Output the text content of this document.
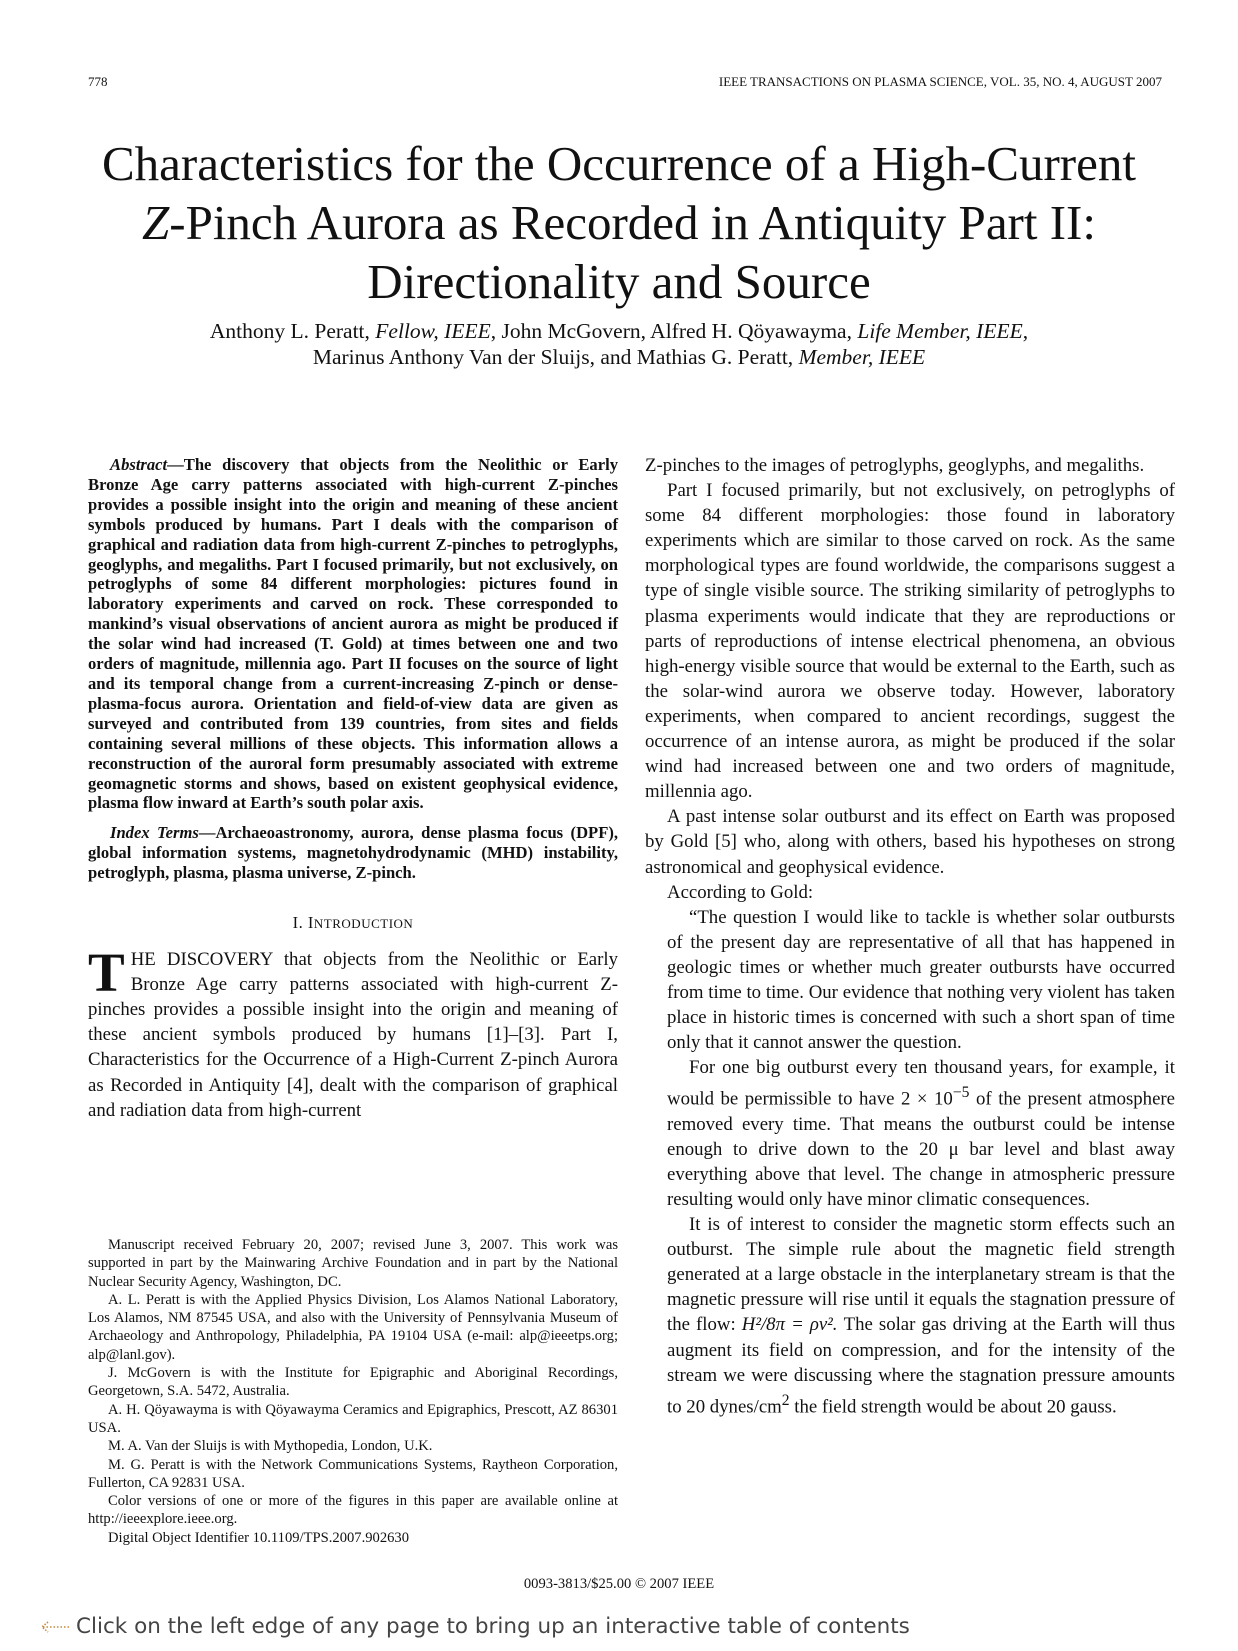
778	IEEE TRANSACTIONS ON PLASMA SCIENCE, VOL. 35, NO. 4, AUGUST 2007
Characteristics for the Occurrence of a High-Current
Z-Pinch Aurora as Recorded in Antiquity Part II:
Directionality and Source
Anthony L. Peratt, Fellow, IEEE, John McGovern, Alfred H. Qöyawayma, Life Member, IEEE,
Marinus Anthony Van der Sluijs, and Mathias G. Peratt, Member, IEEE

Abstract—The discovery that objects from the Neolithic or Early Bronze Age carry patterns associated with high-current Z-pinches provides a possible insight into the origin and meaning of these ancient symbols produced by humans. Part I deals with the comparison of graphical and radiation data from high-current Z-pinches to petroglyphs, geoglyphs, and megaliths. Part I focused primarily, but not exclusively, on petroglyphs of some 84 different morphologies: pictures found in laboratory experiments and carved on rock. These corresponded to mankind’s visual observations of ancient aurora as might be produced if the solar wind had increased (T. Gold) at times between one and two orders of magnitude, millennia ago. Part II focuses on the source of light and its temporal change from a current-increasing Z-pinch or dense-plasma-focus aurora. Orientation and field-of-view data are given as surveyed and contributed from 139 countries, from sites and fields containing several millions of these objects. This information allows a reconstruction of the auroral form presumably associated with extreme geomagnetic storms and shows, based on existent geophysical evidence, plasma flow inward at Earth’s south polar axis.

Index Terms—Archaeoastronomy, aurora, dense plasma focus (DPF), global information systems, magnetohydrodynamic (MHD) instability, petroglyph, plasma, plasma universe, Z-pinch.

I. INTRODUCTION

THE DISCOVERY that objects from the Neolithic or Early Bronze Age carry patterns associated with high-current Z-pinches provides a possible insight into the origin and meaning of these ancient symbols produced by humans [1]–[3]. Part I, Characteristics for the Occurrence of a High-Current Z-pinch Aurora as Recorded in Antiquity [4], dealt with the comparison of graphical and radiation data from high-current

Manuscript received February 20, 2007; revised June 3, 2007. This work was supported in part by the Mainwaring Archive Foundation and in part by the National Nuclear Security Agency, Washington, DC.

A. L. Peratt is with the Applied Physics Division, Los Alamos National Laboratory, Los Alamos, NM 87545 USA, and also with the University of Pennsylvania Museum of Archaeology and Anthropology, Philadelphia, PA 19104 USA (e-mail: alp@ieeetps.org; alp@lanl.gov).

J. McGovern is with the Institute for Epigraphic and Aboriginal Recordings, Georgetown, S.A. 5472, Australia.

A. H. Qöyawayma is with Qöyawayma Ceramics and Epigraphics, Prescott, AZ 86301 USA.

M. A. Van der Sluijs is with Mythopedia, London, U.K.

M. G. Peratt is with the Network Communications Systems, Raytheon Corporation, Fullerton, CA 92831 USA.

Color versions of one or more of the figures in this paper are available online at http://ieeexplore.ieee.org.

Digital Object Identifier 10.1109/TPS.2007.902630

Z-pinches to the images of petroglyphs, geoglyphs, and megaliths.

Part I focused primarily, but not exclusively, on petroglyphs of some 84 different morphologies: those found in laboratory experiments which are similar to those carved on rock. As the same morphological types are found worldwide, the comparisons suggest a type of single visible source. The striking similarity of petroglyphs to plasma experiments would indicate that they are reproductions or parts of reproductions of intense electrical phenomena, an obvious high-energy visible source that would be external to the Earth, such as the solar-wind aurora we observe today. However, laboratory experiments, when compared to ancient recordings, suggest the occurrence of an intense aurora, as might be produced if the solar wind had increased between one and two orders of magnitude, millennia ago.

A past intense solar outburst and its effect on Earth was proposed by Gold [5] who, along with others, based his hypotheses on strong astronomical and geophysical evidence.

According to Gold:

“The question I would like to tackle is whether solar outbursts of the present day are representative of all that has happened in geologic times or whether much greater outbursts have occurred from time to time. Our evidence that nothing very violent has taken place in historic times is concerned with such a short span of time only that it cannot answer the question.

For one big outburst every ten thousand years, for example, it would be permissible to have $2 \times 10^{-5}$ of the present atmosphere removed every time. That means the outburst could be intense enough to drive down to the 20 μ bar level and blast away everything above that level. The change in atmospheric pressure resulting would only have minor climatic consequences.

It is of interest to consider the magnetic storm effects such an outburst. The simple rule about the magnetic field strength generated at a large obstacle in the interplanetary stream is that the magnetic pressure will rise until it equals the stagnation pressure of the flow: H²/8π = ρν². The solar gas driving at the Earth will thus augment its field on compression, and for the intensity of the stream we were discussing where the stagnation pressure amounts to 20 dynes/$cm^2$ the field strength would be about 20 gauss.

0093-3813/$25.00 © 2007 IEEE
Click on the left edge of any page to bring up an interactive table of contents
